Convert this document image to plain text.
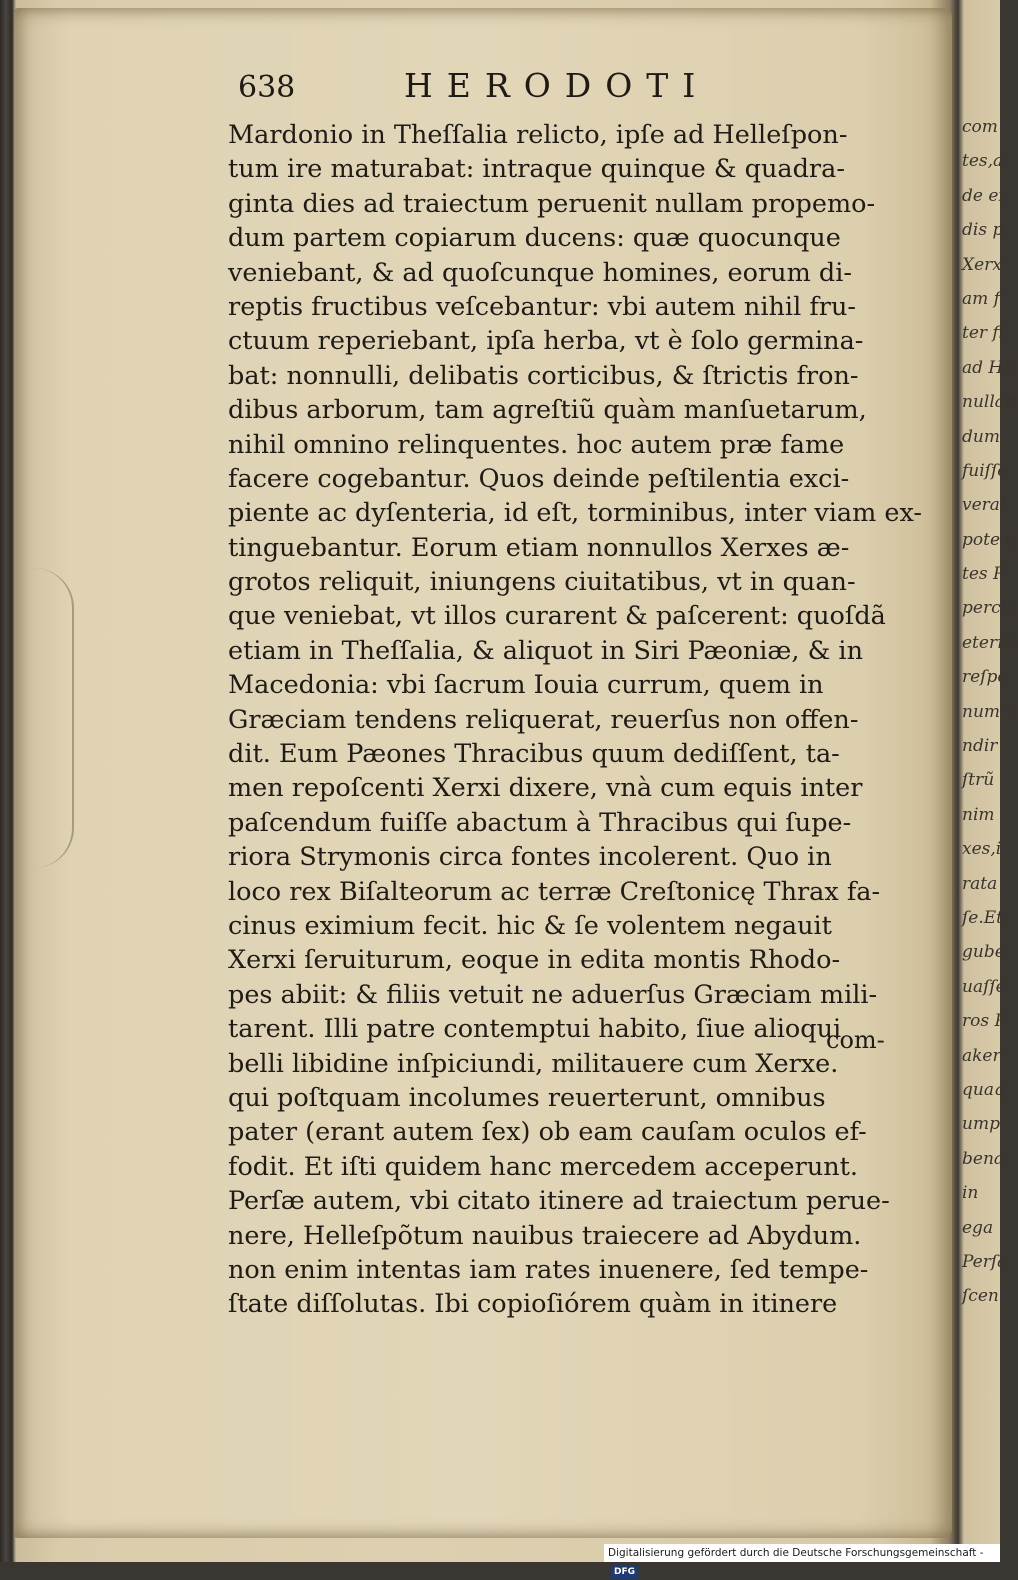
638	HERODOTI
Mardonio in Theſſalia relicto, ipſe ad Helleſpon-
tum ire maturabat: intraque quinque & quadra-
ginta dies ad traiectum peruenit nullam propemo-
dum partem copiarum ducens: quæ quocunque
veniebant, & ad quoſcunque homines, eorum di-
reptis fructibus veſcebantur: vbi autem nihil fru-
ctuum reperiebant, ipſa herba, vt è ſolo germina-
bat: nonnulli, delibatis corticibus, & ſtrictis fron-
dibus arborum, tam agreſtiũ quàm manſuetarum,
nihil omnino relinquentes. hoc autem præ fame
facere cogebantur. Quos deinde peſtilentia exci-
piente ac dyſenteria, id eſt, torminibus, inter viam ex-
tinguebantur. Eorum etiam nonnullos Xerxes æ-
grotos reliquit, iniungens ciuitatibus, vt in quan-
que veniebat, vt illos curarent & paſcerent: quoſdã
etiam in Theſſalia, & aliquot in Siri Pæoniæ, & in
Macedonia: vbi ſacrum Iouia currum, quem in
Græciam tendens reliquerat, reuerſus non offen-
dit. Eum Pæones Thracibus quum dediſſent, ta-
men repoſcenti Xerxi dixere, vnà cum equis inter
paſcendum fuiſſe abactum à Thracibus qui ſupe-
riora Strymonis circa fontes incolerent. Quo in
loco rex Biſalteorum ac terræ Creſtonicę Thrax fa-
cinus eximium fecit. hic & ſe volentem negauit
Xerxi ſeruiturum, eoque in edita montis Rhodo-
pes abiit: & filiis vetuit ne aduerſus Græciam mili-
tarent. Illi patre contemptui habito, ſiue alioqui
belli libidine inſpiciundi, militauere cum Xerxe.
qui poſtquam incolumes reuerterunt, omnibus
pater (erant autem ſex) ob eam cauſam oculos ef-
fodit. Et iſti quidem hanc mercedem acceperunt.
Perſæ autem, vbi citato itinere ad traiectum perue-
nere, Helleſpõtum nauibus traiecere ad Abydum.
non enim intentas iam rates inuenere, ſed tempe-
ſtate diſſolutas. Ibi copioſiórem quàm in itinere
com-
com
tes,a
de ex
dis p
Xerx
am f
ter fi
ad He
nullan
dum
fuiſſe
verat
pote c
tes P
percu
eterna
reſpo
num v
ndir
ſtrũ
nim
xes,i
rata
ſe.Et
gube
uaſſe
ros P
aker
quaq
ump
bena
in
ega
Perſa
ſcen
Digitalisierung gefördert durch die Deutsche Forschungsgemeinschaft - DFG
